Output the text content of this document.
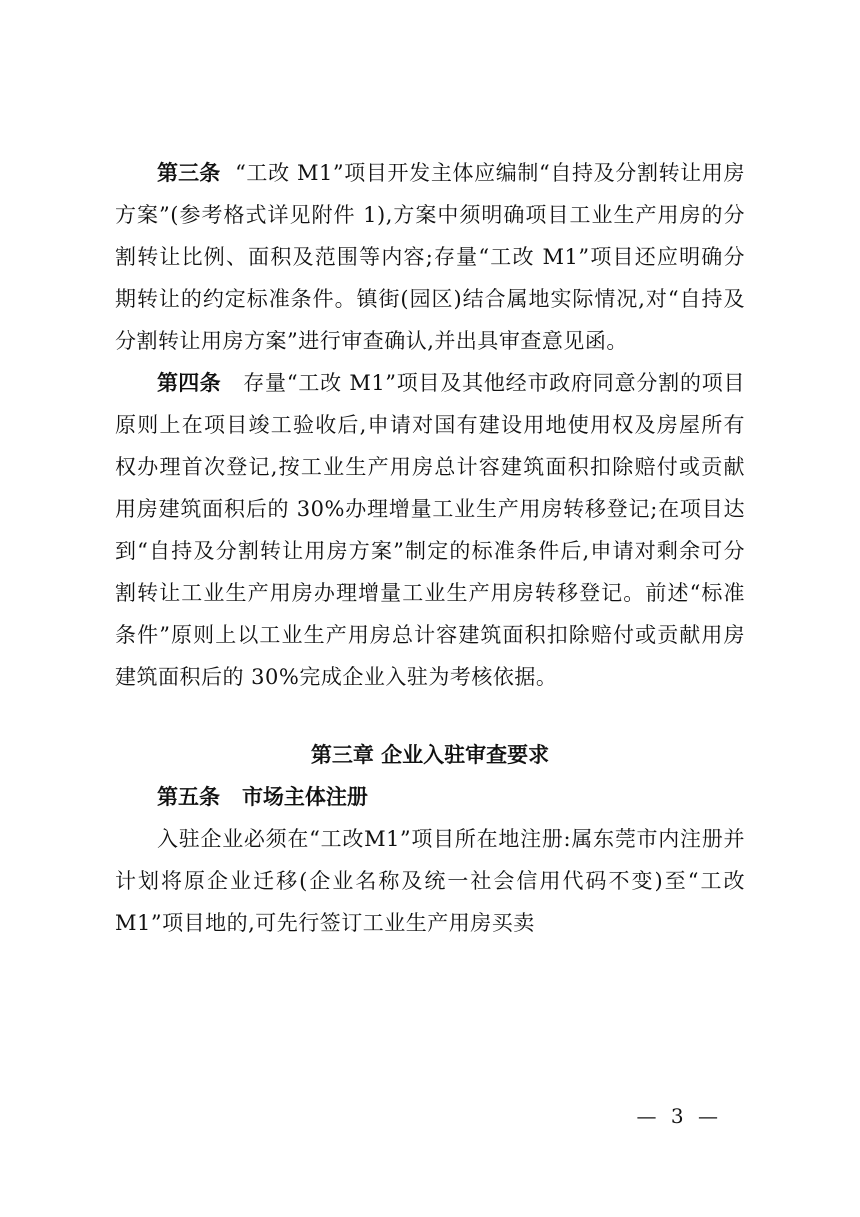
第三条 “工改 M1”项目开发主体应编制“自持及分割转让用房方案”(参考格式详见附件 1),方案中须明确项目工业生产用房的分割转让比例、面积及范围等内容;存量“工改 M1”项目还应明确分期转让的约定标准条件。镇街(园区)结合属地实际情况,对“自持及分割转让用房方案”进行审查确认,并出具审查意见函。

第四条 存量“工改 M1”项目及其他经市政府同意分割的项目原则上在项目竣工验收后,申请对国有建设用地使用权及房屋所有权办理首次登记,按工业生产用房总计容建筑面积扣除赔付或贡献用房建筑面积后的 30%办理增量工业生产用房转移登记;在项目达到“自持及分割转让用房方案”制定的标准条件后,申请对剩余可分割转让工业生产用房办理增量工业生产用房转移登记。前述“标准条件”原则上以工业生产用房总计容建筑面积扣除赔付或贡献用房建筑面积后的 30%完成企业入驻为考核依据。

第三章 企业入驻审查要求

第五条 市场主体注册

入驻企业必须在“工改M1”项目所在地注册:属东莞市内注册并计划将原企业迁移(企业名称及统一社会信用代码不变)至“工改M1”项目地的,可先行签订工业生产用房买卖

— 3 —
